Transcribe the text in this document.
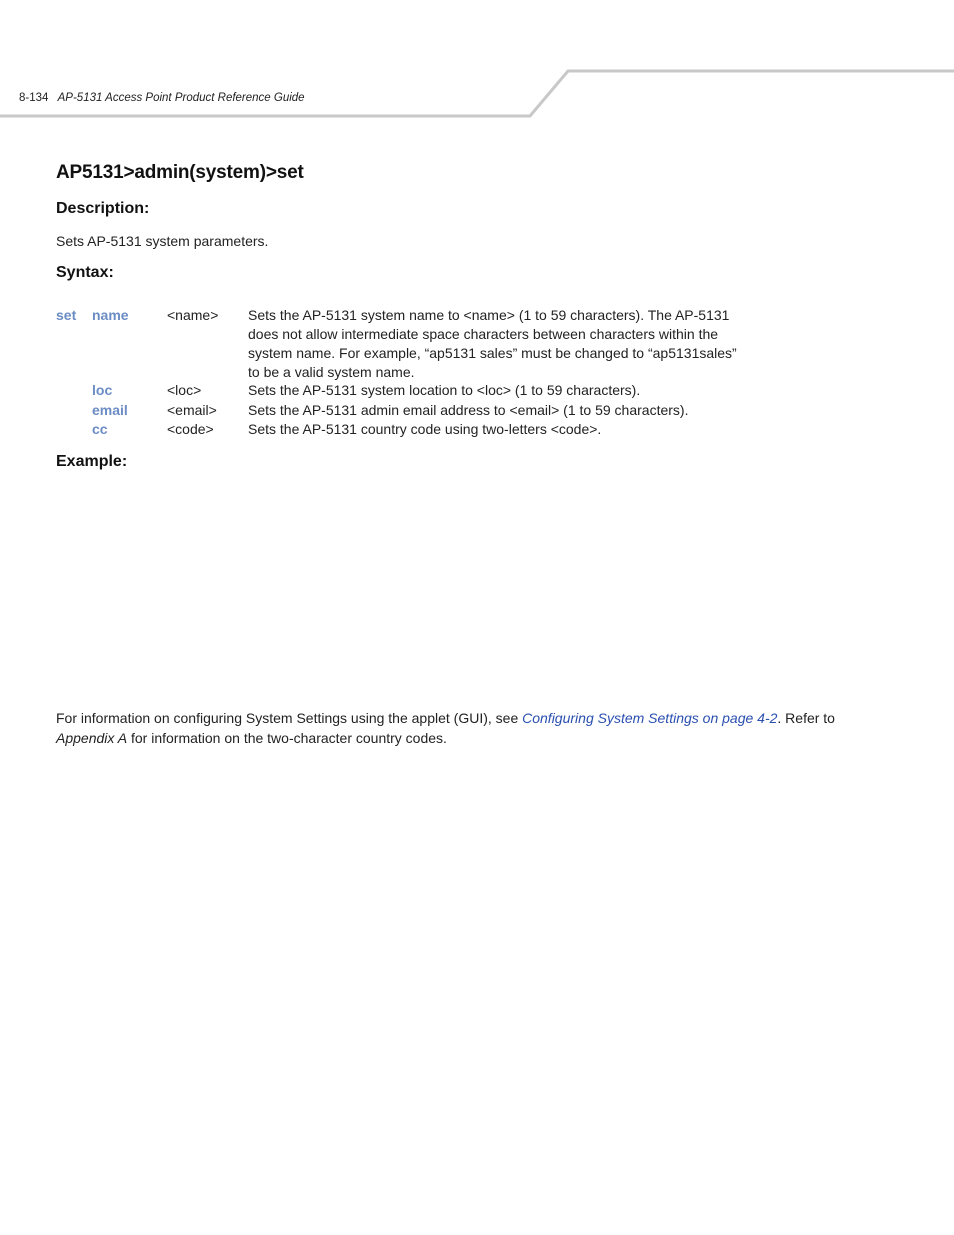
8-134 AP-5131 Access Point Product Reference Guide
AP5131>admin(system)>set
Description:
Sets AP-5131 system parameters.
Syntax:
set name	<name> Sets the AP-5131 system name to <name> (1 to 59 characters). The AP-5131
does not allow intermediate space characters between characters within the
system name. For example, “ap5131 sales” must be changed to “ap5131sales”
to be a valid system name.
loc	<loc>	Sets the AP-5131 system location to <loc> (1 to 59 characters).
email	<email> Sets the AP-5131 admin email address to <email> (1 to 59 characters).
cc	<code> Sets the AP-5131 country code using two-letters <code>.
Example:
For information on configuring System Settings using the applet (GUI), see Configuring System Settings on page 4-2. Refer to
Appendix A for information on the two-character country codes.
